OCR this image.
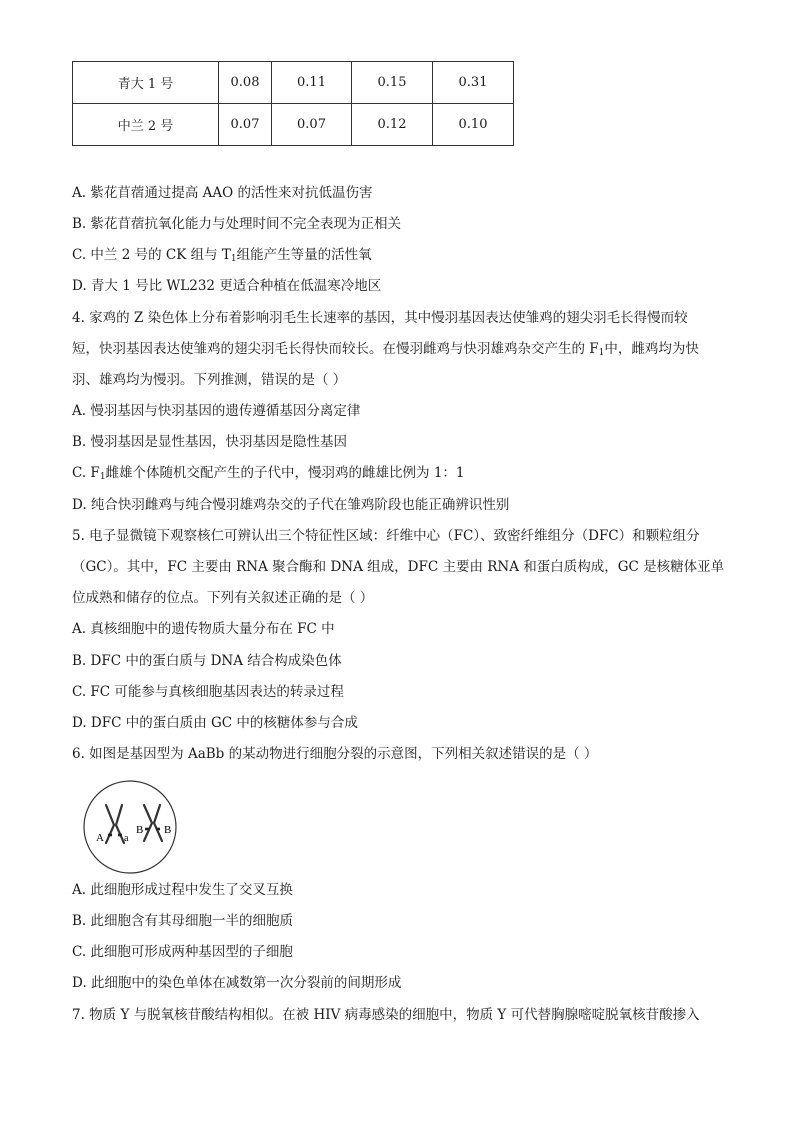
青大 1 号	0.08	0.11	0.15	0.31
中兰 2 号	0.07	0.07	0.12	0.10
A. 紫花苜蓿通过提高 AAO 的活性来对抗低温伤害
B. 紫花苜蓿抗氧化能力与处理时间不完全表现为正相关
C. 中兰 2 号的 CK 组与 $T_1$组能产生等量的活性氧
D. 青大 1 号比 WL232 更适合种植在低温寒冷地区
4. 家鸡的 Z 染色体上分布着影响羽毛生长速率的基因，其中慢羽基因表达使雏鸡的翅尖羽毛长得慢而较
短，快羽基因表达使雏鸡的翅尖羽毛长得快而较长。在慢羽雌鸡与快羽雄鸡杂交产生的 $F_1$中，雌鸡均为快
羽、雄鸡均为慢羽。下列推测，错误的是（ ）
A. 慢羽基因与快羽基因的遗传遵循基因分离定律
B. 慢羽基因是显性基因，快羽基因是隐性基因
C. $F_1$雌雄个体随机交配产生的子代中，慢羽鸡的雌雄比例为 1：1
D. 纯合快羽雌鸡与纯合慢羽雄鸡杂交的子代在雏鸡阶段也能正确辨识性别
5. 电子显微镜下观察核仁可辨认出三个特征性区域：纤维中心（FC）、致密纤维组分（DFC）和颗粒组分
（GC）。其中，FC 主要由 RNA 聚合酶和 DNA 组成，DFC 主要由 RNA 和蛋白质构成，GC 是核糖体亚单
位成熟和储存的位点。下列有关叙述正确的是（ ）
A. 真核细胞中的遗传物质大量分布在 FC 中
B. DFC 中的蛋白质与 DNA 结合构成染色体
C. FC 可能参与真核细胞基因表达的转录过程
D. DFC 中的蛋白质由 GC 中的核糖体参与合成
6. 如图是基因型为 AaBb 的某动物进行细胞分裂的示意图，下列相关叙述错误的是（ ）
A a
B B
A. 此细胞形成过程中发生了交叉互换
B. 此细胞含有其母细胞一半的细胞质
C. 此细胞可形成两种基因型的子细胞
D. 此细胞中的染色单体在减数第一次分裂前的间期形成
7. 物质 Y 与脱氧核苷酸结构相似。在被 HIV 病毒感染的细胞中，物质 Y 可代替胸腺嘧啶脱氧核苷酸掺入
